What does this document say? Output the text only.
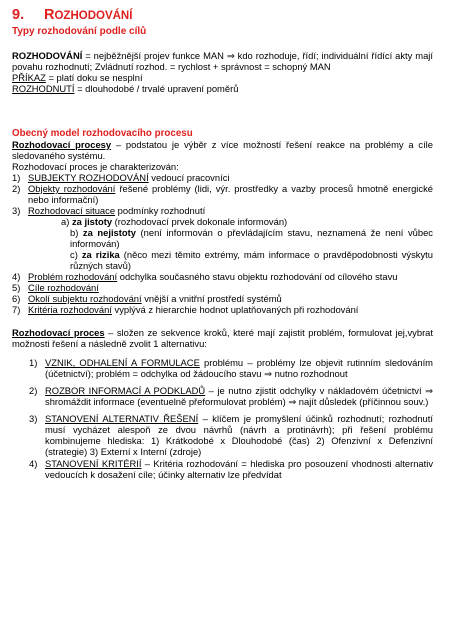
9. ROZHODOVÁNÍ
Typy rozhodování podle cílů

ROZHODOVÁNÍ = nejběžnější projev funkce MAN ⇒ kdo rozhoduje, řídí; individuální řídící akty mají povahu rozhodnutí; Zvládnutí rozhod. = rychlost + správnost = schopný MAN

PŘÍKAZ = platí doku se nesplní

ROZHODNUTÍ = dlouhodobé / trvalé upravení poměrů

Obecný model rozhodovacího procesu

Rozhodovací procesy – podstatou je výběr z více možností řešení reakce na problémy a cíle sledovaného systému.

Rozhodovací proces je charakterizován:

1) SUBJEKTY ROZHODOVÁNÍ vedoucí pracovníci
2) Objekty rozhodování řešené problémy (lidi, výr. prostředky a vazby procesů hmotně energické nebo informační)
3) Rozhodovací situace podmínky rozhodnutí

a) za jistoty (rozhodovací prvek dokonale informován)

b) za nejistoty (není informován o převládajícím stavu, neznamená že není vůbec informován)

c) za rizika (něco mezi těmito extrémy, mám informace o pravděpodobnosti výskytu různých stavů)

4) Problém rozhodování odchylka současného stavu objektu rozhodování od cílového stavu
5) Cíle rozhodování
6) Okolí subjektu rozhodování vnější a vnitřní prostředí systémů
7) Kritéria rozhodování vyplývá z hierarchie hodnot uplatňovaných při rozhodování

Rozhodovací proces – složen ze sekvence kroků, které mají zajistit problém, formulovat jej,vybrat možnosti řešení a následně zvolit 1 alternativu:

1) VZNIK, ODHALENÍ A FORMULACE problému – problémy lze objevit rutinním sledováním (účetnictví); problém = odchylka od žádoucího stavu ⇒ nutno rozhodnout
2) ROZBOR INFORMACÍ A PODKLADŮ – je nutno zjistit odchylky v nákladovém účetnictví ⇒ shromáždit informace (eventuelně přeformulovat problém) ⇒ najít důsledek (příčinnou souv.)
3) STANOVENÍ ALTERNATIV ŘEŠENÍ – klíčem je promyšlení účinků rozhodnutí; rozhodnutí musí vycházet alespoň ze dvou návrhů (návrh a protinávrh); při řešení problému kombinujeme hlediska: 1) Krátkodobé x Dlouhodobé (čas) 2) Ofenzivní x Defenzivní (strategie) 3) Externí x Interní (zdroje)
4) STANOVENÍ KRITÉRIÍ – Kritéria rozhodování = hlediska pro posouzení vhodnosti alternativ vedoucích k dosažení cíle; účinky alternativ lze předvídat
